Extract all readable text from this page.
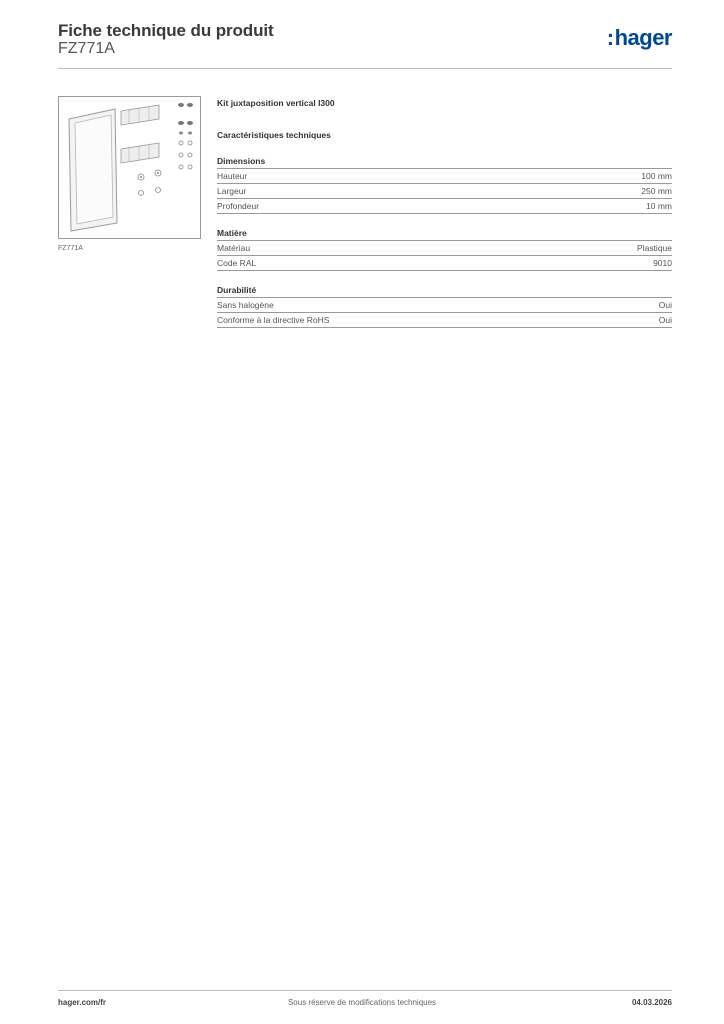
Fiche technique du produit
FZ771A	:hager
FZ771A
Kit juxtaposition vertical I300
Caractéristiques techniques
Dimensions
Hauteur	100 mm
Largeur	250 mm
Profondeur	10 mm
Matière
Matériau	Plastique
Code RAL	9010
Durabilité
Sans halogène	Oui
Conforme à la directive RoHS	Oui
hager.com/fr	Sous réserve de modifications techniques	04.03.2026
